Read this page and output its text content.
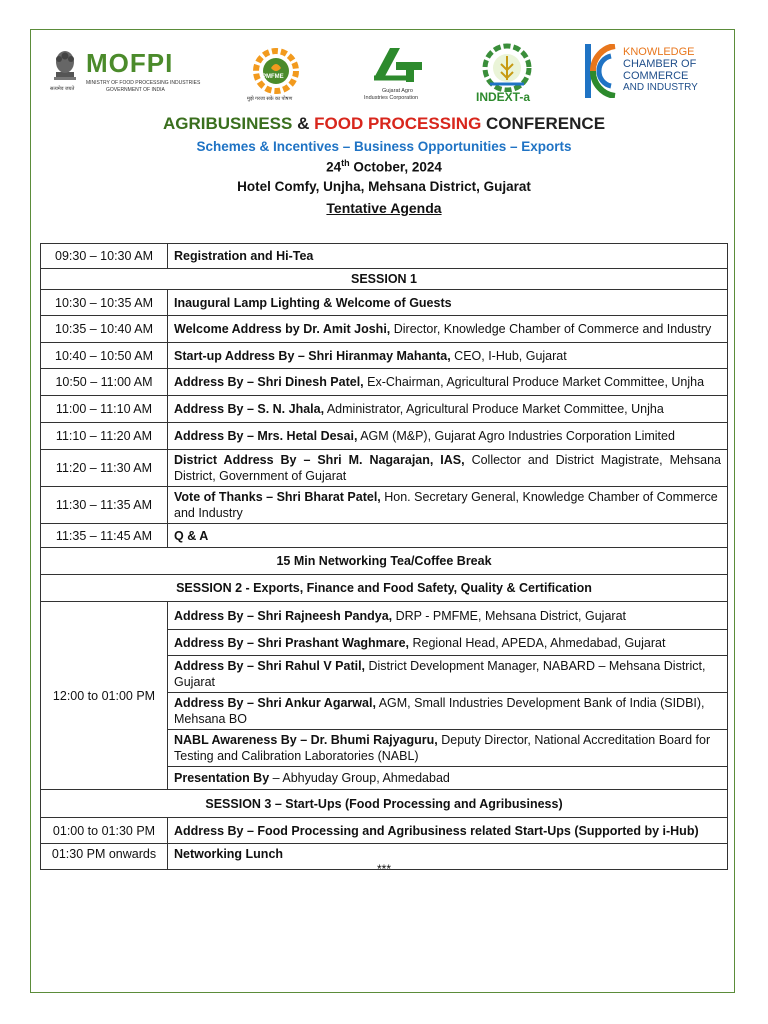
सत्यमेव जयते
MOFPI
MINISTRY OF FOOD PROCESSING INDUSTRIES
GOVERNMENT OF INDIA
PMFME
मुझे गरजा सके का पोषण
Gujarat Agro
Industries Corporation	INDEXT-a
KNOWLEDGE
CHAMBER OF
COMMERCE
AND INDUSTRY
AGRIBUSINESS & FOOD PROCESSING CONFERENCE
Schemes & Incentives – Business Opportunities – Exports
24th October, 2024
Hotel Comfy, Unjha, Mehsana District, Gujarat
Tentative Agenda
09:30 – 10:30 AM	Registration and Hi-Tea
SESSION 1	
10:30 – 10:35 AM	Inaugural Lamp Lighting & Welcome of Guests
10:35 – 10:40 AM	Welcome Address by Dr. Amit Joshi, Director, Knowledge Chamber of Commerce and Industry
10:40 – 10:50 AM	Start-up Address By – Shri Hiranmay Mahanta, CEO, I-Hub, Gujarat
10:50 – 11:00 AM	Address By – Shri Dinesh Patel, Ex-Chairman, Agricultural Produce Market Committee, Unjha
11:00 – 11:10 AM	Address By – S. N. Jhala, Administrator, Agricultural Produce Market Committee, Unjha
11:10 – 11:20 AM	Address By – Mrs. Hetal Desai, AGM (M&P), Gujarat Agro Industries Corporation Limited
11:20 – 11:30 AM	District Address By – Shri M. Nagarajan, IAS, Collector and District Magistrate, Mehsana District, Government of Gujarat
11:30 – 11:35 AM	Vote of Thanks – Shri Bharat Patel, Hon. Secretary General, Knowledge Chamber of Commerce and Industry
11:35 – 11:45 AM	Q & A
15 Min Networking Tea/Coffee Break	
SESSION 2 - Exports, Finance and Food Safety, Quality & Certification	
12:00 to 01:00 PM	Address By – Shri Rajneesh Pandya, DRP - PMFME, Mehsana District, Gujarat
	Address By – Shri Prashant Waghmare, Regional Head, APEDA, Ahmedabad, Gujarat
	Address By – Shri Rahul V Patil, District Development Manager, NABARD – Mehsana District, Gujarat
	Address By – Shri Ankur Agarwal, AGM, Small Industries Development Bank of India (SIDBI), Mehsana BO
	NABL Awareness By – Dr. Bhumi Rajyaguru, Deputy Director, National Accreditation Board for Testing and Calibration Laboratories (NABL)
	Presentation By – Abhyuday Group, Ahmedabad
SESSION 3 – Start-Ups (Food Processing and Agribusiness)	
01:00 to 01:30 PM	Address By – Food Processing and Agribusiness related Start-Ups (Supported by i-Hub)
01:30 PM onwards	Networking Lunch
***
